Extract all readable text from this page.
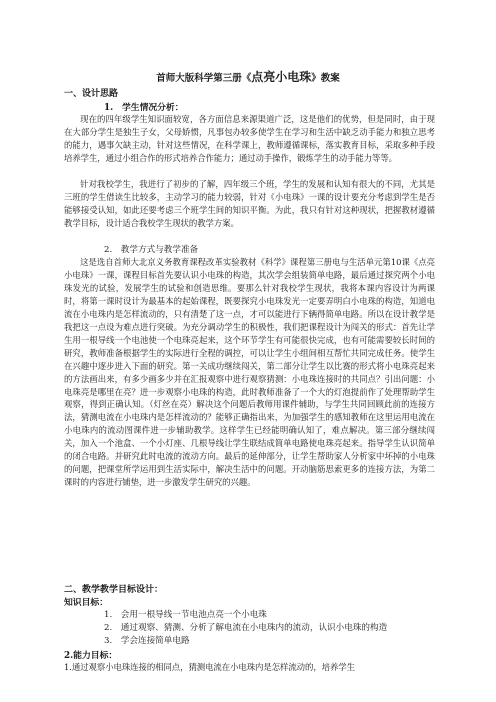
首师大版科学第三册《点亮小电珠》教案
一、设计思路
1.　学生情况分析：
现在的四年级学生知识面较宽，各方面信息来源渠道广泛，这是他们的优势，但是同时，由于现在大部分学生是独生子女，父母娇惯，凡事包办较多使学生在学习和生活中缺乏动手能力和独立思考的能力，遇事欠缺主动，针对这些情况，在科学课上，教师遵循课标，落实教育目标，采取多种手段培养学生，通过小组合作的形式培养合作能力；通过动手操作，锻炼学生的动手能力等等。
针对我校学生，我进行了初步的了解，四年级三个班，学生的发展和认知有很大的不同，尤其是三班的学生借读生比较多，主动学习的能力较弱，针对《小电珠》一课的设计要充分考虑到学生是否能够接受认知，如此还要考虑三个班学生间的知识平衡。为此，我只有针对这种现状，把握教材遵循教学目标，设计适合我校学生现状的教学方案。
2.　教学方式与教学准备
这是选自首师大北京义务教育课程改革实验教材《科学》课程第三册电与生活单元第10课《点亮小电珠》一课，课程目标首先要认识小电珠的构造，其次学会组装简单电路，最后通过探究两个小电珠发光的试验，发展学生的试验和创造思维。要那么针对我校学生现状，我将本课内容设计为两课时，将第一课时设计为最基本的起始课程，既要探究小电珠发光一定要弄明白小电珠的构造，知道电流在小电珠内是怎样流动的，只有清楚了这一点，才可以能进行下辆得简单电路。所以在设计教学是我把这一点设为难点进行突破。为充分调动学生的积极性，我们把课程设计为闯关的形式：首先让学生用一根导线一个电池使一个电珠亮起来，这个环节学生有可能很快完成，也有可能需要较长时间的研究，教师准备根据学生的实际进行全程的调控，可以让学生小组间相互帮忙共同完成任务。使学生在兴趣中逐步进入下面的研究。第一关成功继续闯关，第二部分让学生以比赛的形式将小电珠亮起来的方法画出来，有多少画多少并在汇报观察中进行观察猜测：小电珠连接时的共同点？引出问题：小电珠亮是哪里在亮？进一步观察小电珠的构造，此时教师准备了一个大的灯泡提前作了处理帮助学生观察，得到正确认知。（灯丝在亮）解决这个问题后教师用课件辅助，与学生共同回顾此前的连接方法，猜测电流在小电珠内是怎样流动的？能够正确指出来，为加强学生的感知教师在这里运用电流在小电珠内的流动图课件进一步辅助教学。这样学生已经能明确认知了，难点解决。第三部分继续闯关，加入一个池盒、一个小灯座、几根导线让学生联结成简单电路使电珠亮起来。指导学生认识简单的闭合电路。并研究此时电流的流动方向。最后的延伸部分，让学生帮助家人分析家中坏掉的小电珠的问题，把课堂所学运用到生活实际中，解决生活中的问题。开动脑筋思索更多的连接方法，为第二课时的内容进行铺垫，进一步激发学生研究的兴趣。
二、教学教学目标设计：
知识目标：
1.　会用一根导线一节电池点亮一个小电珠
2.　通过观察、猜测、分析了解电流在小电珠内的流动，认识小电珠的构造
3.　学会连接简单电路
2.能力目标：
1.通过观察小电珠连接的相同点，猜测电流在小电珠内是怎样流动的，培养学生
